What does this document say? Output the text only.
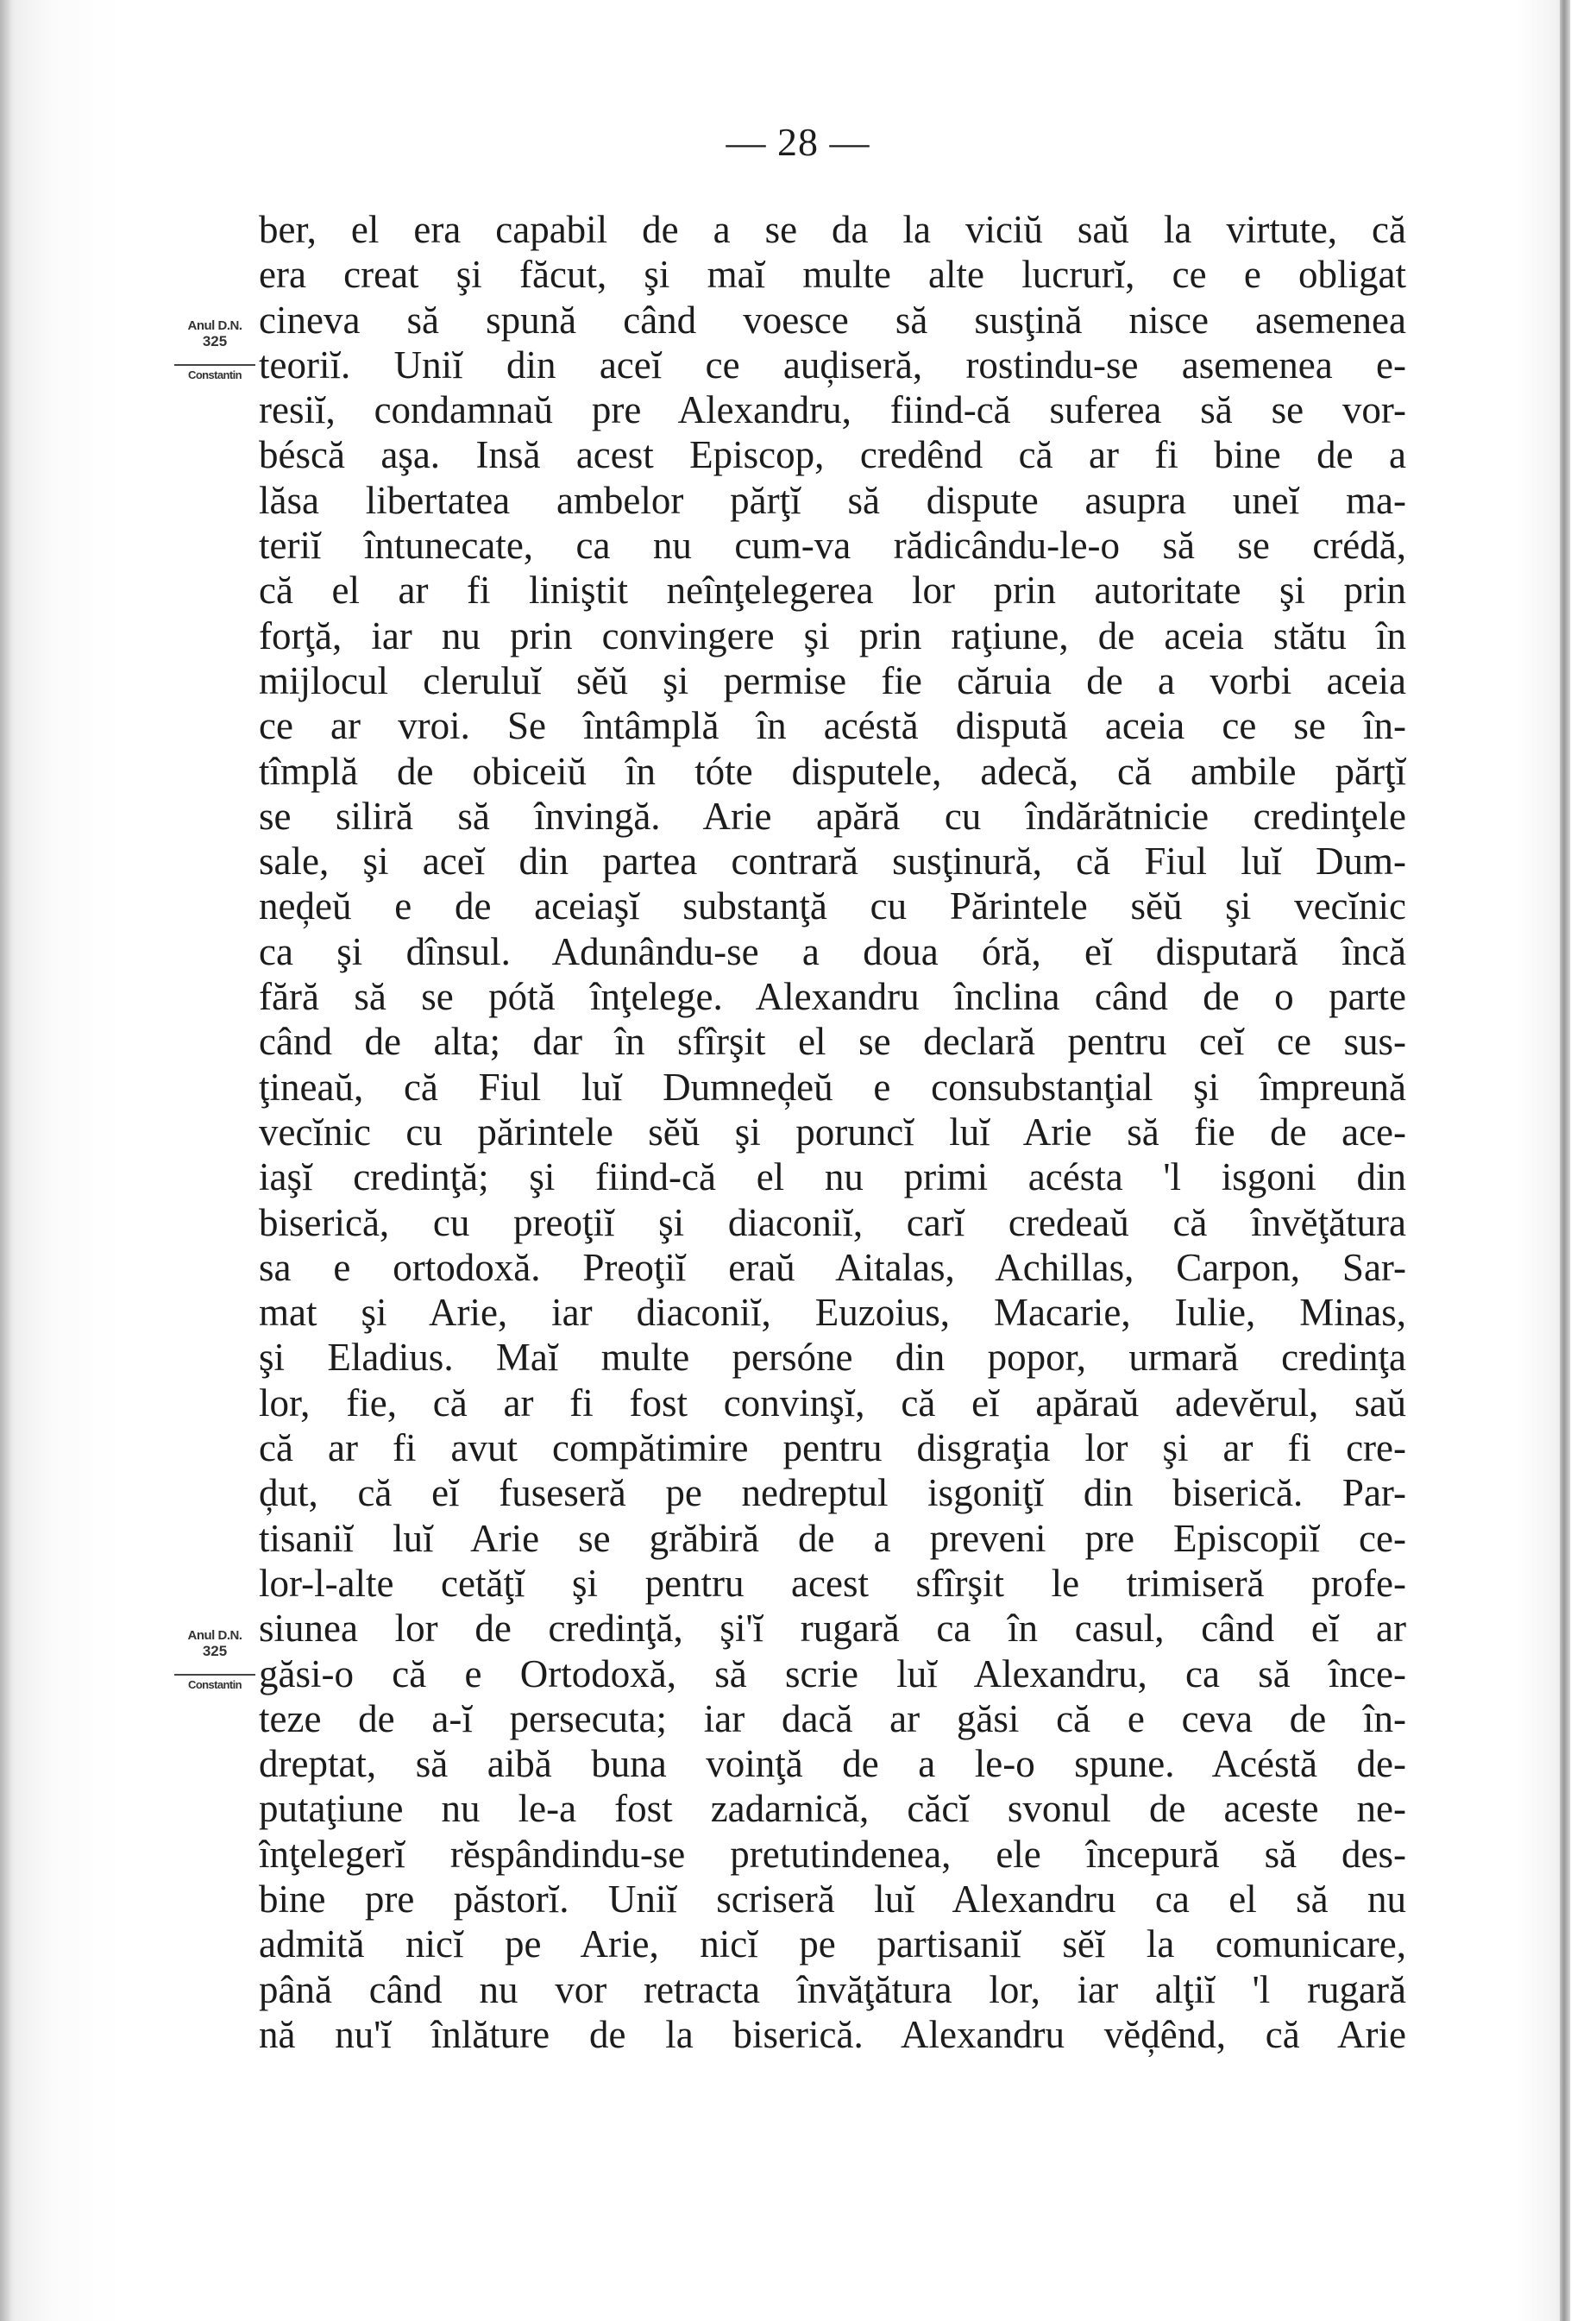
— 28 —
Anul D.N.
325
Constantin
Anul D.N.
325
Constantin
ber, el era capabil de a se da la viciŭ saŭ la virtute, că
era creat şi făcut, şi maĭ multe alte lucrurĭ, ce e obligat
cineva să spună când voesce să susţină nisce asemenea
teoriĭ. Uniĭ din aceĭ ce auḑiseră, rostindu-se asemenea e-
resiĭ, condamnaŭ pre Alexandru, fiind-că suferea să se vor-
béscă aşa. Insă acest Episcop, credênd că ar fi bine de a
lăsa libertatea ambelor părţĭ să dispute asupra uneĭ ma-
teriĭ întunecate, ca nu cum-va rădicându-le-o să se crédă,
că el ar fi liniştit neînţelegerea lor prin autoritate şi prin
forţă, iar nu prin convingere şi prin raţiune, de aceia stătu în
mijlocul cleruluĭ sĕŭ şi permise fie căruia de a vorbi aceia
ce ar vroi. Se întâmplă în acéstă dispută aceia ce se în-
tîmplă de obiceiŭ în tóte disputele, adecă, că ambile părţĭ
se siliră să învingă. Arie apără cu îndărătnicie credinţele
sale, şi aceĭ din partea contrară susţinură, că Fiul luĭ Dum-
neḑeŭ e de aceiaşĭ substanţă cu Părintele sĕŭ şi vecĭnic
ca şi dînsul. Adunându-se a doua óră, eĭ disputară încă
fără să se pótă înţelege. Alexandru înclina când de o parte
când de alta; dar în sfîrşit el se declară pentru ceĭ ce sus-
ţineaŭ, că Fiul luĭ Dumneḑeŭ e consubstanţial şi împreună
vecĭnic cu părintele sĕŭ şi poruncĭ luĭ Arie să fie de ace-
iaşĭ credinţă; şi fiind-că el nu primi acésta 'l isgoni din
biserică, cu preoţiĭ şi diaconiĭ, carĭ credeaŭ că învĕţătura
sa e ortodoxă. Preoţiĭ eraŭ Aitalas, Achillas, Carpon, Sar-
mat şi Arie, iar diaconiĭ, Euzoius, Macarie, Iulie, Minas,
şi Eladius. Maĭ multe persóne din popor, urmară credinţa
lor, fie, că ar fi fost convinşĭ, că eĭ apăraŭ adevĕrul, saŭ
că ar fi avut compătimire pentru disgraţia lor şi ar fi cre-
ḑut, că eĭ fuseseră pe nedreptul isgoniţĭ din biserică. Par-
tisaniĭ luĭ Arie se grăbiră de a preveni pre Episcopiĭ ce-
lor-l-alte cetăţĭ şi pentru acest sfîrşit le trimiseră profe-
siunea lor de credinţă, şi'ĭ rugară ca în casul, când eĭ ar
găsi-o că e Ortodoxă, să scrie luĭ Alexandru, ca să înce-
teze de a-ĭ persecuta; iar dacă ar găsi că e ceva de în-
dreptat, să aibă buna voinţă de a le-o spune. Acéstă de-
putaţiune nu le-a fost zadarnică, căcĭ svonul de aceste ne-
înţelegerĭ rĕspândindu-se pretutindenea, ele începură să des-
bine pre păstorĭ. Uniĭ scriseră luĭ Alexandru ca el să nu
admită nicĭ pe Arie, nicĭ pe partisaniĭ sĕĭ la comunicare,
până când nu vor retracta învăţătura lor, iar alţiĭ 'l rugară
nă nu'ĭ înlăture de la biserică. Alexandru vĕḑênd, că Arie
